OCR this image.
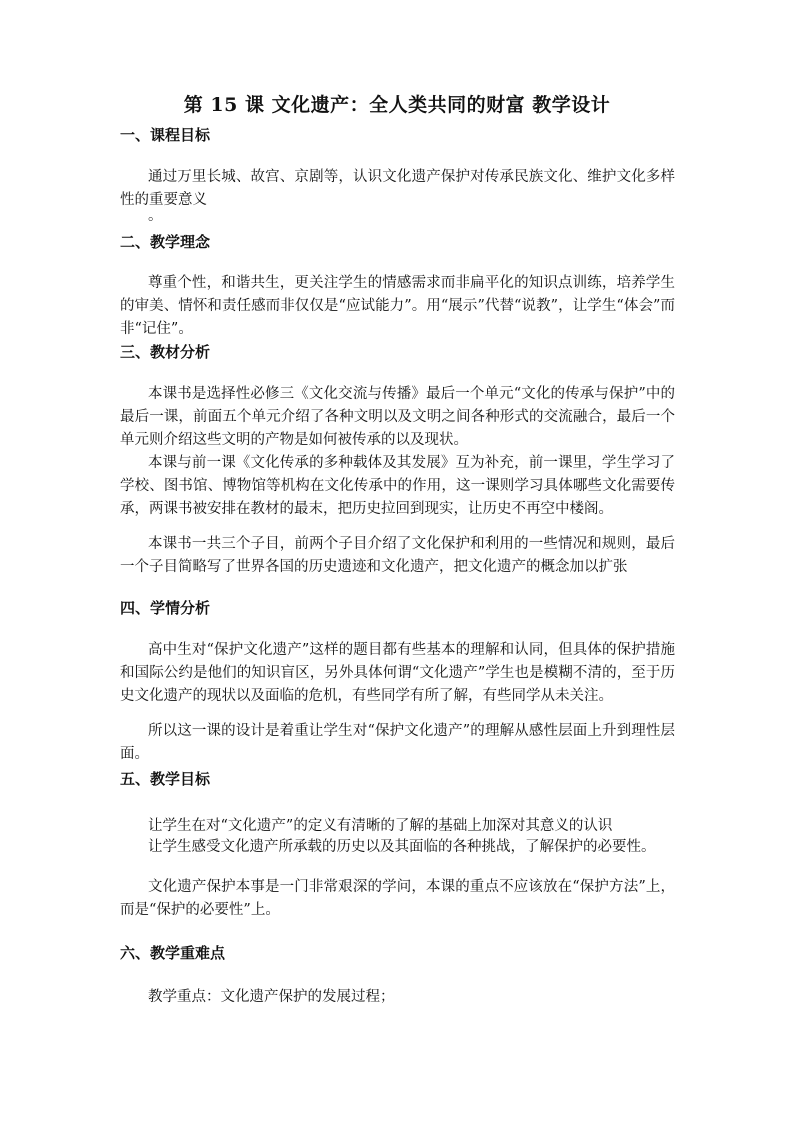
第 15 课 文化遗产：全人类共同的财富 教学设计
一、课程目标

通过万里长城、故宫、京剧等，认识文化遗产保护对传承民族文化、维护文化多样性的重要意义

。

二、教学理念

尊重个性，和谐共生，更关注学生的情感需求而非扁平化的知识点训练，培养学生的审美、情怀和责任感而非仅仅是“应试能力”。用“展示”代替“说教”，让学生“体会”而非“记住”。

三、教材分析

本课书是选择性必修三《文化交流与传播》最后一个单元“文化的传承与保护”中的最后一课，前面五个单元介绍了各种文明以及文明之间各种形式的交流融合，最后一个单元则介绍这些文明的产物是如何被传承的以及现状。

本课与前一课《文化传承的多种载体及其发展》互为补充，前一课里，学生学习了学校、图书馆、博物馆等机构在文化传承中的作用，这一课则学习具体哪些文化需要传承，两课书被安排在教材的最末，把历史拉回到现实，让历史不再空中楼阁。

本课书一共三个子目，前两个子目介绍了文化保护和利用的一些情况和规则，最后一个子目简略写了世界各国的历史遗迹和文化遗产，把文化遗产的概念加以扩张

四、学情分析

高中生对“保护文化遗产”这样的题目都有些基本的理解和认同，但具体的保护措施和国际公约是他们的知识盲区，另外具体何谓“文化遗产”学生也是模糊不清的，至于历史文化遗产的现状以及面临的危机，有些同学有所了解，有些同学从未关注。

所以这一课的设计是着重让学生对“保护文化遗产”的理解从感性层面上升到理性层面。

五、教学目标

让学生在对“文化遗产”的定义有清晰的了解的基础上加深对其意义的认识

让学生感受文化遗产所承载的历史以及其面临的各种挑战，了解保护的必要性。

文化遗产保护本事是一门非常艰深的学问，本课的重点不应该放在“保护方法”上，而是“保护的必要性”上。

六、教学重难点

教学重点：文化遗产保护的发展过程；
